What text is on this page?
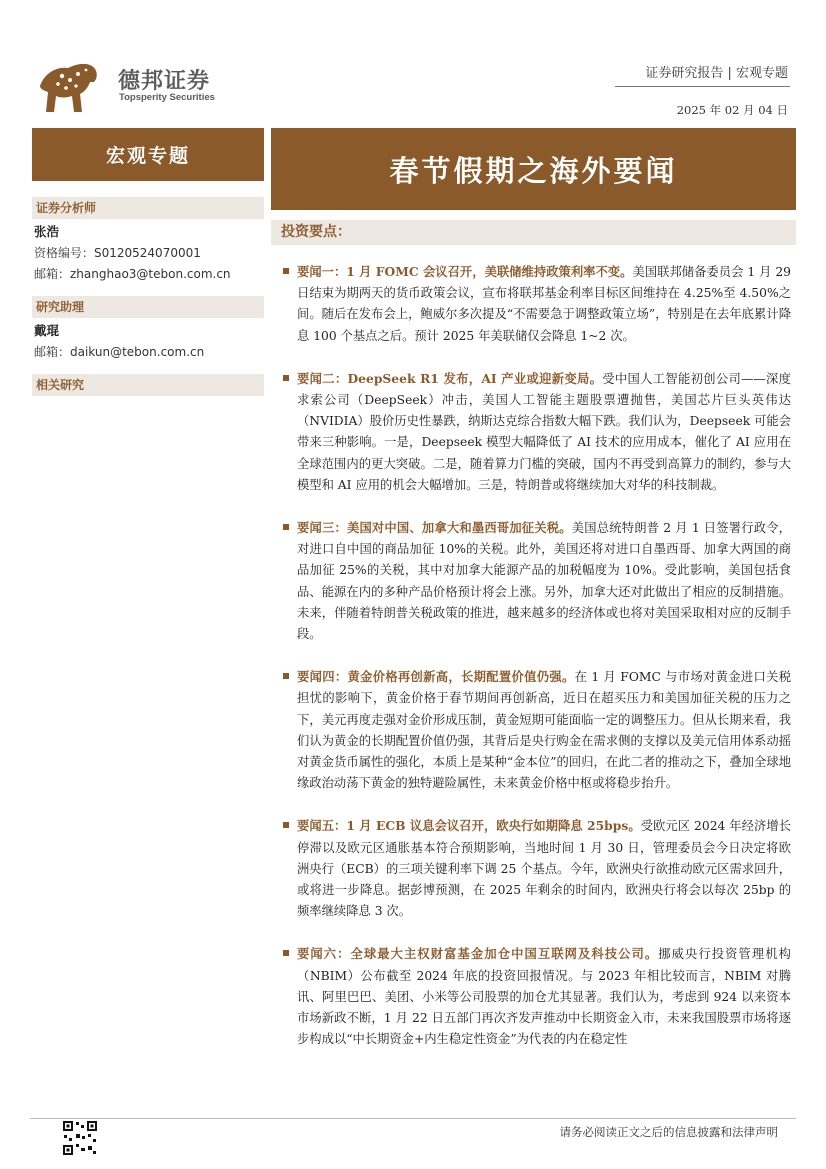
德邦证券
Topsperity Securities
证券研究报告 | 宏观专题
2025 年 02 月 04 日
宏观专题
证券分析师
张浩
资格编号：S0120524070001
邮箱：zhanghao3@tebon.com.cn
研究助理
戴琨
邮箱：daikun@tebon.com.cn
相关研究
春节假期之海外要闻
投资要点：
要闻一：1 月 FOMC 会议召开，美联储维持政策利率不变。美国联邦储备委员会 1 月 29 日结束为期两天的货币政策会议，宣布将联邦基金利率目标区间维持在 4.25%至 4.50%之间。随后在发布会上，鲍威尔多次提及“不需要急于调整政策立场”，特别是在去年底累计降息 100 个基点之后。预计 2025 年美联储仅会降息 1~2 次。
要闻二：DeepSeek R1 发布，AI 产业或迎新变局。受中国人工智能初创公司——深度求索公司（DeepSeek）冲击，美国人工智能主题股票遭抛售，美国芯片巨头英伟达（NVIDIA）股价历史性暴跌，纳斯达克综合指数大幅下跌。我们认为，Deepseek 可能会带来三种影响。一是，Deepseek 模型大幅降低了 AI 技术的应用成本，催化了 AI 应用在全球范围内的更大突破。二是，随着算力门槛的突破，国内不再受到高算力的制约，参与大模型和 AI 应用的机会大幅增加。三是，特朗普或将继续加大对华的科技制裁。
要闻三：美国对中国、加拿大和墨西哥加征关税。美国总统特朗普 2 月 1 日签署行政令，对进口自中国的商品加征 10%的关税。此外，美国还将对进口自墨西哥、加拿大两国的商品加征 25%的关税，其中对加拿大能源产品的加税幅度为 10%。受此影响，美国包括食品、能源在内的多种产品价格预计将会上涨。另外，加拿大还对此做出了相应的反制措施。未来，伴随着特朗普关税政策的推进，越来越多的经济体或也将对美国采取相对应的反制手段。
要闻四：黄金价格再创新高，长期配置价值仍强。在 1 月 FOMC 与市场对黄金进口关税担忧的影响下，黄金价格于春节期间再创新高，近日在超买压力和美国加征关税的压力之下，美元再度走强对金价形成压制，黄金短期可能面临一定的调整压力。但从长期来看，我们认为黄金的长期配置价值仍强，其背后是央行购金在需求侧的支撑以及美元信用体系动摇对黄金货币属性的强化，本质上是某种“金本位”的回归，在此二者的推动之下，叠加全球地缘政治动荡下黄金的独特避险属性，未来黄金价格中枢或将稳步抬升。
要闻五：1 月 ECB 议息会议召开，欧央行如期降息 25bps。受欧元区 2024 年经济增长停滞以及欧元区通胀基本符合预期影响，当地时间 1 月 30 日，管理委员会今日决定将欧洲央行（ECB）的三项关键利率下调 25 个基点。今年，欧洲央行欲推动欧元区需求回升，或将进一步降息。据彭博预测，在 2025 年剩余的时间内，欧洲央行将会以每次 25bp 的频率继续降息 3 次。
要闻六：全球最大主权财富基金加仓中国互联网及科技公司。挪威央行投资管理机构（NBIM）公布截至 2024 年底的投资回报情况。与 2023 年相比较而言，NBIM 对腾讯、阿里巴巴、美团、小米等公司股票的加仓尤其显著。我们认为，考虑到 924 以来资本市场新政不断，1 月 22 日五部门再次齐发声推动中长期资金入市，未来我国股票市场将逐步构成以“中长期资金+内生稳定性资金”为代表的内在稳定性
请务必阅读正文之后的信息披露和法律声明
